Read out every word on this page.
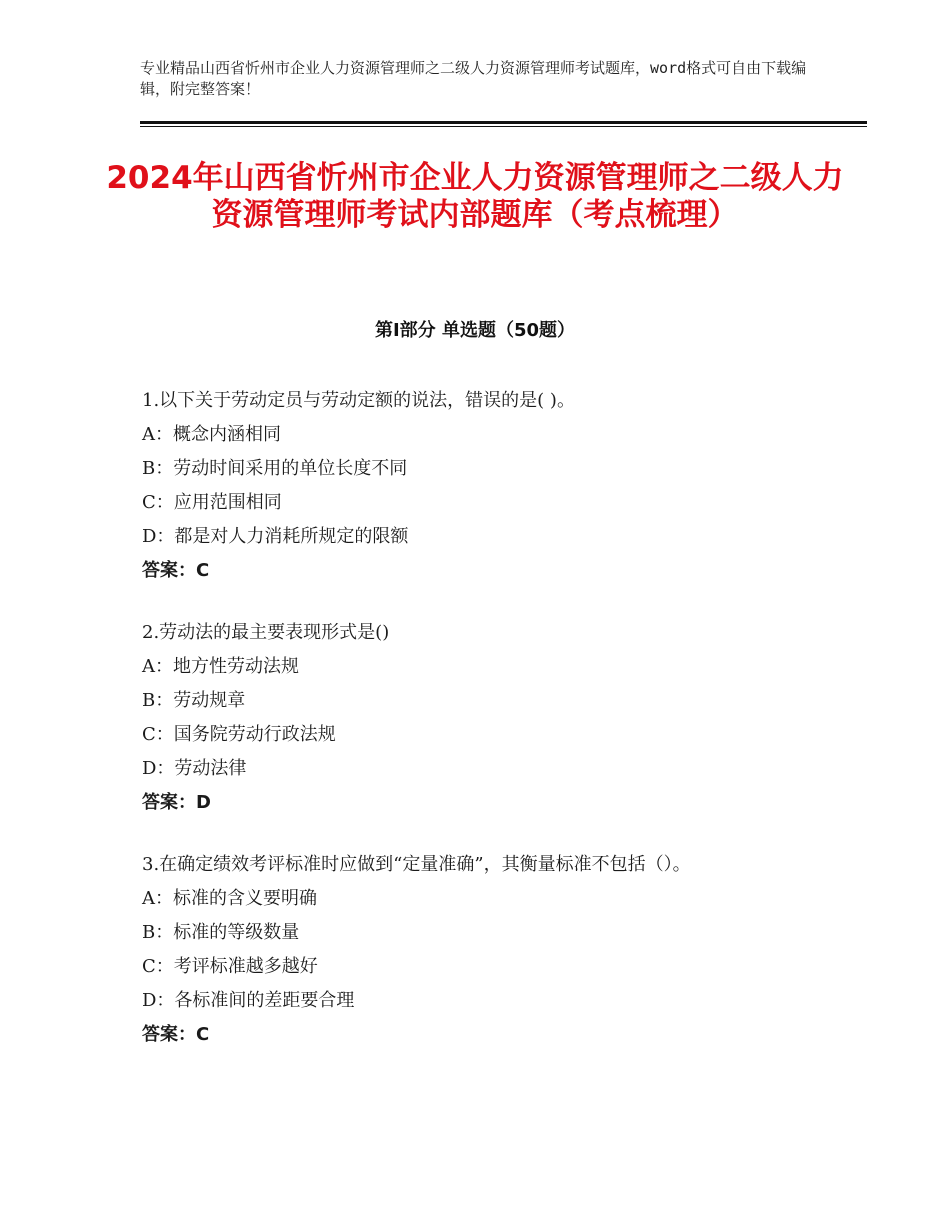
专业精品山西省忻州市企业人力资源管理师之二级人力资源管理师考试题库，word格式可自由下载编辑，附完整答案！
2024年山西省忻州市企业人力资源管理师之二级人力资源管理师考试内部题库（考点梳理）
第Ⅰ部分 单选题（50题）
1.以下关于劳动定员与劳动定额的说法，错误的是( )。
A：概念内涵相同
B：劳动时间采用的单位长度不同
C：应用范围相同
D：都是对人力消耗所规定的限额
答案：C
2.劳动法的最主要表现形式是()
A：地方性劳动法规
B：劳动规章
C：国务院劳动行政法规
D：劳动法律
答案：D
3.在确定绩效考评标准时应做到“定量准确”，其衡量标准不包括（）。
A：标准的含义要明确
B：标准的等级数量
C：考评标准越多越好
D：各标准间的差距要合理
答案：C
